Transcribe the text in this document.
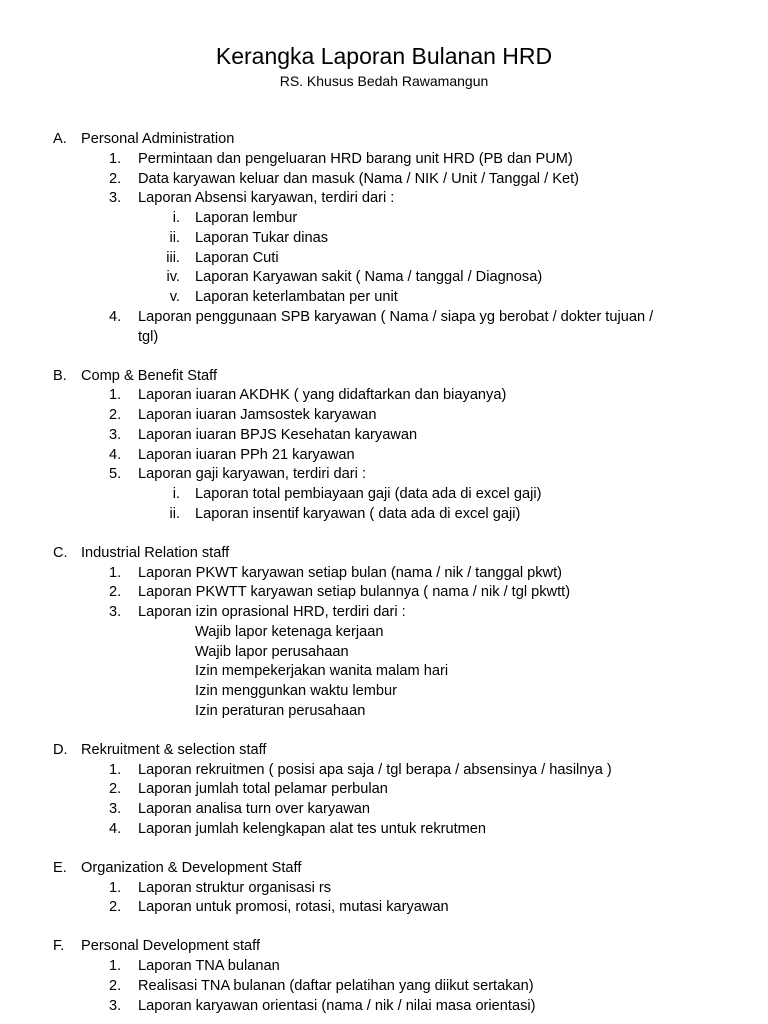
Kerangka Laporan Bulanan HRD
RS. Khusus Bedah Rawamangun
A. Personal Administration
1. Permintaan dan pengeluaran HRD barang unit HRD (PB dan PUM)
2. Data karyawan keluar dan masuk (Nama / NIK / Unit / Tanggal / Ket)
3. Laporan Absensi karyawan, terdiri dari :
i. Laporan lembur
ii. Laporan Tukar dinas
iii. Laporan Cuti
iv. Laporan Karyawan sakit ( Nama / tanggal / Diagnosa)
v. Laporan keterlambatan per unit
4. Laporan penggunaan SPB karyawan ( Nama / siapa yg berobat / dokter tujuan /
tgl)
B. Comp & Benefit Staff
1. Laporan iuaran AKDHK ( yang didaftarkan dan biayanya)
2. Laporan iuaran Jamsostek karyawan
3. Laporan iuaran BPJS Kesehatan karyawan
4. Laporan iuaran PPh 21 karyawan
5. Laporan gaji karyawan, terdiri dari :
i. Laporan total pembiayaan gaji (data ada di excel gaji)
ii. Laporan insentif karyawan ( data ada di excel gaji)
C. Industrial Relation staff
1. Laporan PKWT karyawan setiap bulan (nama / nik / tanggal pkwt)
2. Laporan PKWTT karyawan setiap bulannya ( nama / nik / tgl pkwtt)
3. Laporan izin oprasional HRD, terdiri dari :
Wajib lapor ketenaga kerjaan
Wajib lapor perusahaan
Izin mempekerjakan wanita malam hari
Izin menggunkan waktu lembur
Izin peraturan perusahaan
D. Rekruitment & selection staff
1. Laporan rekruitmen ( posisi apa saja / tgl berapa / absensinya / hasilnya )
2. Laporan jumlah total pelamar perbulan
3. Laporan analisa turn over karyawan
4. Laporan jumlah kelengkapan alat tes untuk rekrutmen
E. Organization & Development Staff
1. Laporan struktur organisasi rs
2. Laporan untuk promosi, rotasi, mutasi karyawan
F. Personal Development staff
1. Laporan TNA bulanan
2. Realisasi TNA bulanan (daftar pelatihan yang diikut sertakan)
3. Laporan karyawan orientasi (nama / nik / nilai masa orientasi)
